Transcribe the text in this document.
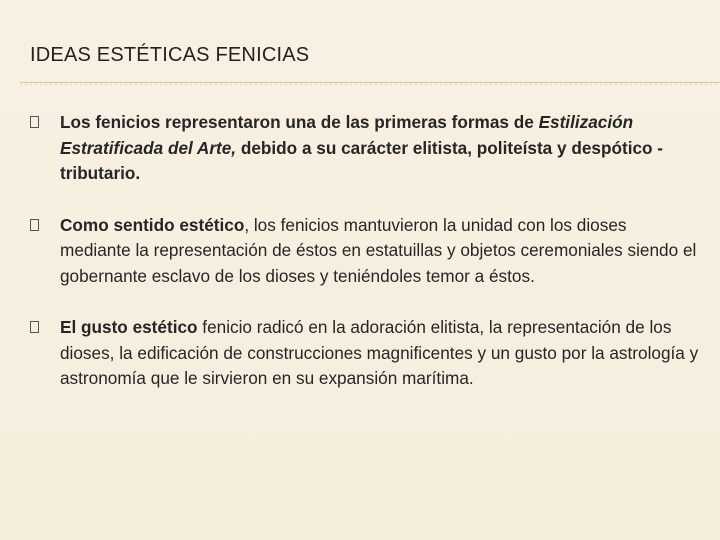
IDEAS ESTÉTICAS FENICIAS
Los fenicios representaron una de las primeras formas de Estilización Estratificada del Arte, debido a su carácter elitista, politeísta y despótico -tributario.
Como sentido estético, los fenicios mantuvieron la unidad con los dioses mediante la representación de éstos en estatuillas y objetos ceremoniales siendo el gobernante esclavo de los dioses y teniéndoles temor a éstos.
El gusto estético fenicio radicó en la adoración elitista, la representación de los dioses, la edificación de construcciones magnificentes y un gusto por la astrología y astronomía que le sirvieron en su expansión marítima.
